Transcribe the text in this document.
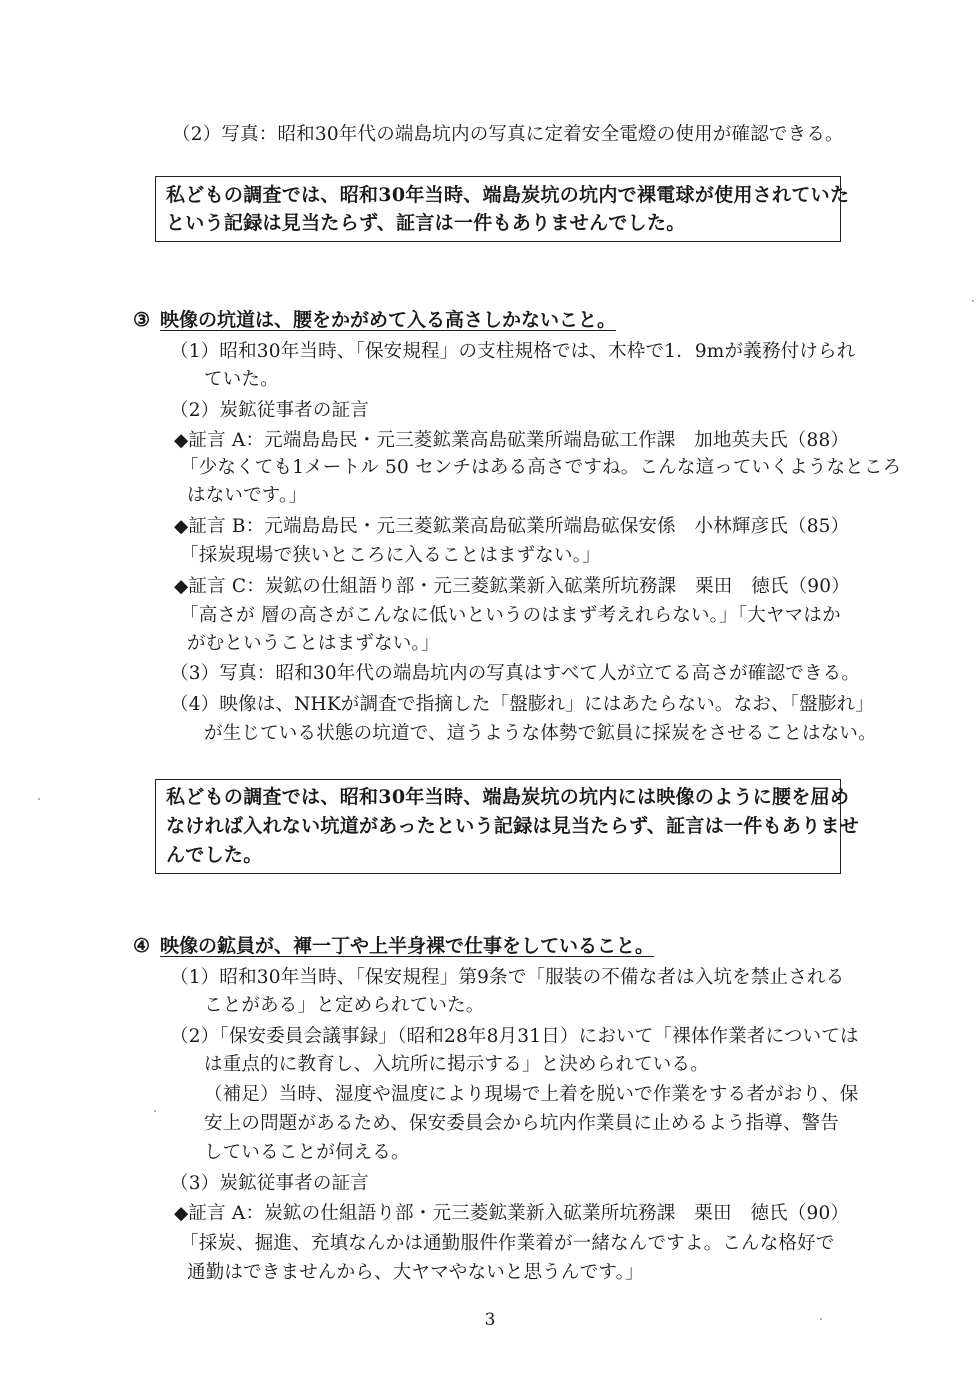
（2）写真：昭和30年代の端島坑内の写真に定着安全電燈の使用が確認できる。
私どもの調査では、昭和30年当時、端島炭坑の坑内で裸電球が使用されていた
という記録は見当たらず、証言は一件もありませんでした。
③ 映像の坑道は、腰をかがめて入る高さしかないこと。
（1）昭和30年当時、「保安規程」の支柱規格では、木枠で1．9mが義務付けられ
ていた。
（2）炭鉱従事者の証言
◆証言 A：元端島島民・元三菱鉱業高島砿業所端島砿工作課　加地英夫氏（88）
「少なくても1メートル 50 センチはある高さですね。こんな這っていくようなところ
はないです。」
◆証言 B：元端島島民・元三菱鉱業高島砿業所端島砿保安係　小林輝彦氏（85）
「採炭現場で狭いところに入ることはまずない。」
◆証言 C：炭鉱の仕組語り部・元三菱鉱業新入砿業所坑務課　栗田　徳氏（90）
「高さが 層の高さがこんなに低いというのはまず考えれらない。」「大ヤマはか
がむということはまずない。」
（3）写真：昭和30年代の端島坑内の写真はすべて人が立てる高さが確認できる。
（4）映像は、NHKが調査で指摘した「盤膨れ」にはあたらない。なお、「盤膨れ」
が生じている状態の坑道で、這うような体勢で鉱員に採炭をさせることはない。
私どもの調査では、昭和30年当時、端島炭坑の坑内には映像のように腰を屈め
なければ入れない坑道があったという記録は見当たらず、証言は一件もありませ
んでした。
④ 映像の鉱員が、褌一丁や上半身裸で仕事をしていること。
（1）昭和30年当時、「保安規程」第9条で「服装の不備な者は入坑を禁止される
ことがある」と定められていた。
（2）「保安委員会議事録」（昭和28年8月31日）において「裸体作業者については
は重点的に教育し、入坑所に掲示する」と決められている。
（補足）当時、湿度や温度により現場で上着を脱いで作業をする者がおり、保
安上の問題があるため、保安委員会から坑内作業員に止めるよう指導、警告
していることが伺える。
（3）炭鉱従事者の証言
◆証言 A：炭鉱の仕組語り部・元三菱鉱業新入砿業所坑務課　栗田　徳氏（90）
「採炭、掘進、充填なんかは通勤服件作業着が一緒なんですよ。こんな格好で
通勤はできませんから、大ヤマやないと思うんです。」
3
